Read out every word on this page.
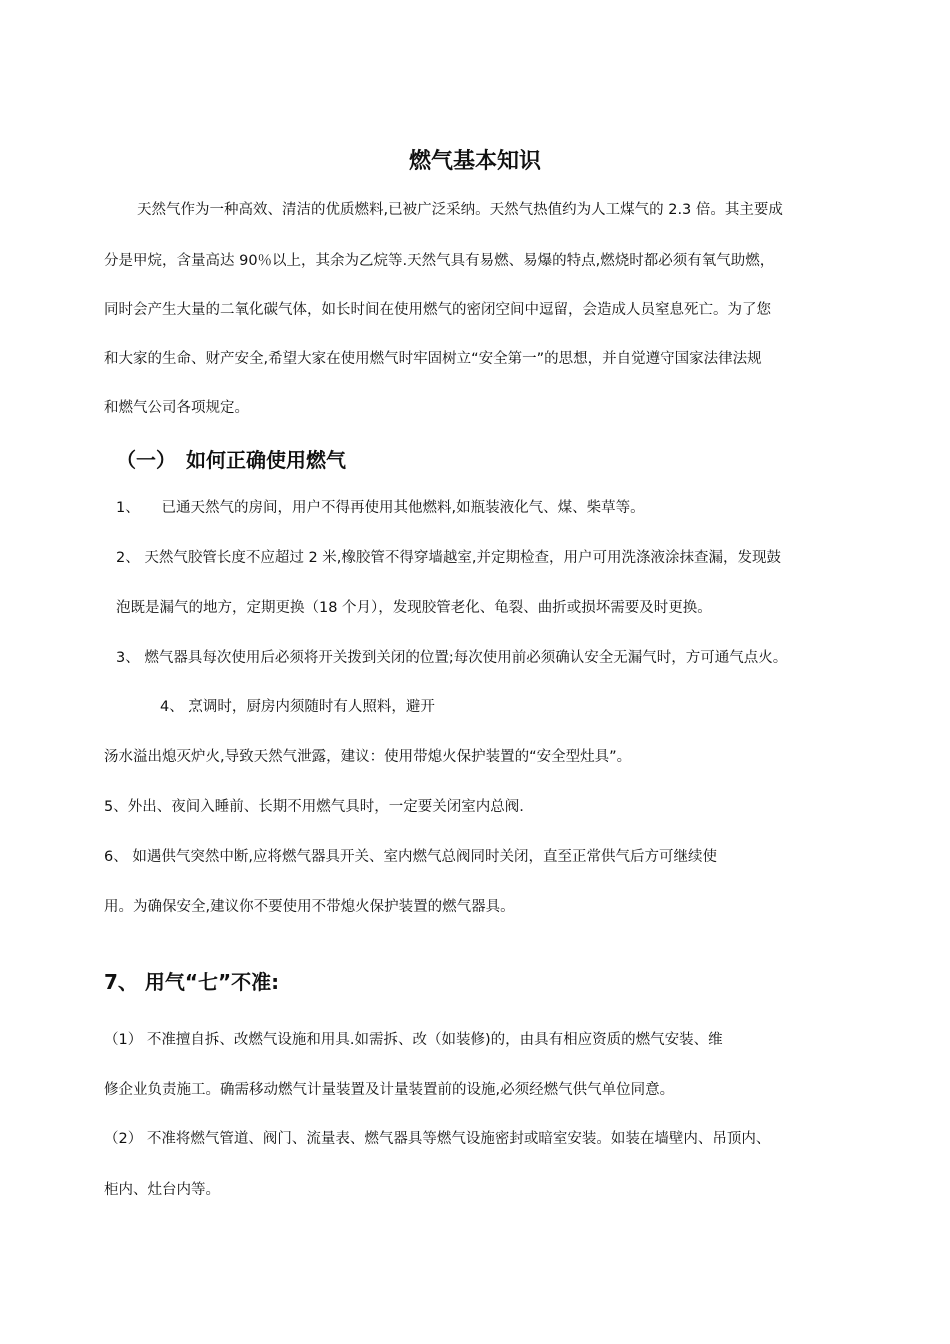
燃气基本知识
天然气作为一种高效、清洁的优质燃料,已被广泛采纳。天然气热值约为人工煤气的 2.3 倍。其主要成
分是甲烷，含量高达 90％以上，其余为乙烷等.天然气具有易燃、易爆的特点,燃烧时都必须有氧气助燃，
同时会产生大量的二氧化碳气体，如长时间在使用燃气的密闭空间中逗留，会造成人员窒息死亡。为了您
和大家的生命、财产安全,希望大家在使用燃气时牢固树立“安全第一”的思想，并自觉遵守国家法律法规
和燃气公司各项规定。
（一）　如何正确使用燃气
1、　　已通天然气的房间，用户不得再使用其他燃料,如瓶装液化气、煤、柴草等。
2、 天然气胶管长度不应超过 2 米,橡胶管不得穿墙越室,并定期检查，用户可用洗涤液涂抹查漏，发现鼓
泡既是漏气的地方，定期更换（18 个月），发现胶管老化、龟裂、曲折或损坏需要及时更换。
3、 燃气器具每次使用后必须将开关拨到关闭的位置;每次使用前必须确认安全无漏气时，方可通气点火。
4、 烹调时，厨房内须随时有人照料，避开
汤水溢出熄灭炉火,导致天然气泄露，建议：使用带熄火保护装置的“安全型灶具”。
5、外出、夜间入睡前、长期不用燃气具时，一定要关闭室内总阀.
6、 如遇供气突然中断,应将燃气器具开关、室内燃气总阀同时关闭，直至正常供气后方可继续使
用。为确保安全,建议你不要使用不带熄火保护装置的燃气器具。
7、 用气“七”不准:
（1） 不准擅自拆、改燃气设施和用具.如需拆、改（如装修)的，由具有相应资质的燃气安装、维
修企业负责施工。确需移动燃气计量装置及计量装置前的设施,必须经燃气供气单位同意。
（2） 不准将燃气管道、阀门、流量表、燃气器具等燃气设施密封或暗室安装。如装在墙壁内、吊顶内、
柜内、灶台内等。
